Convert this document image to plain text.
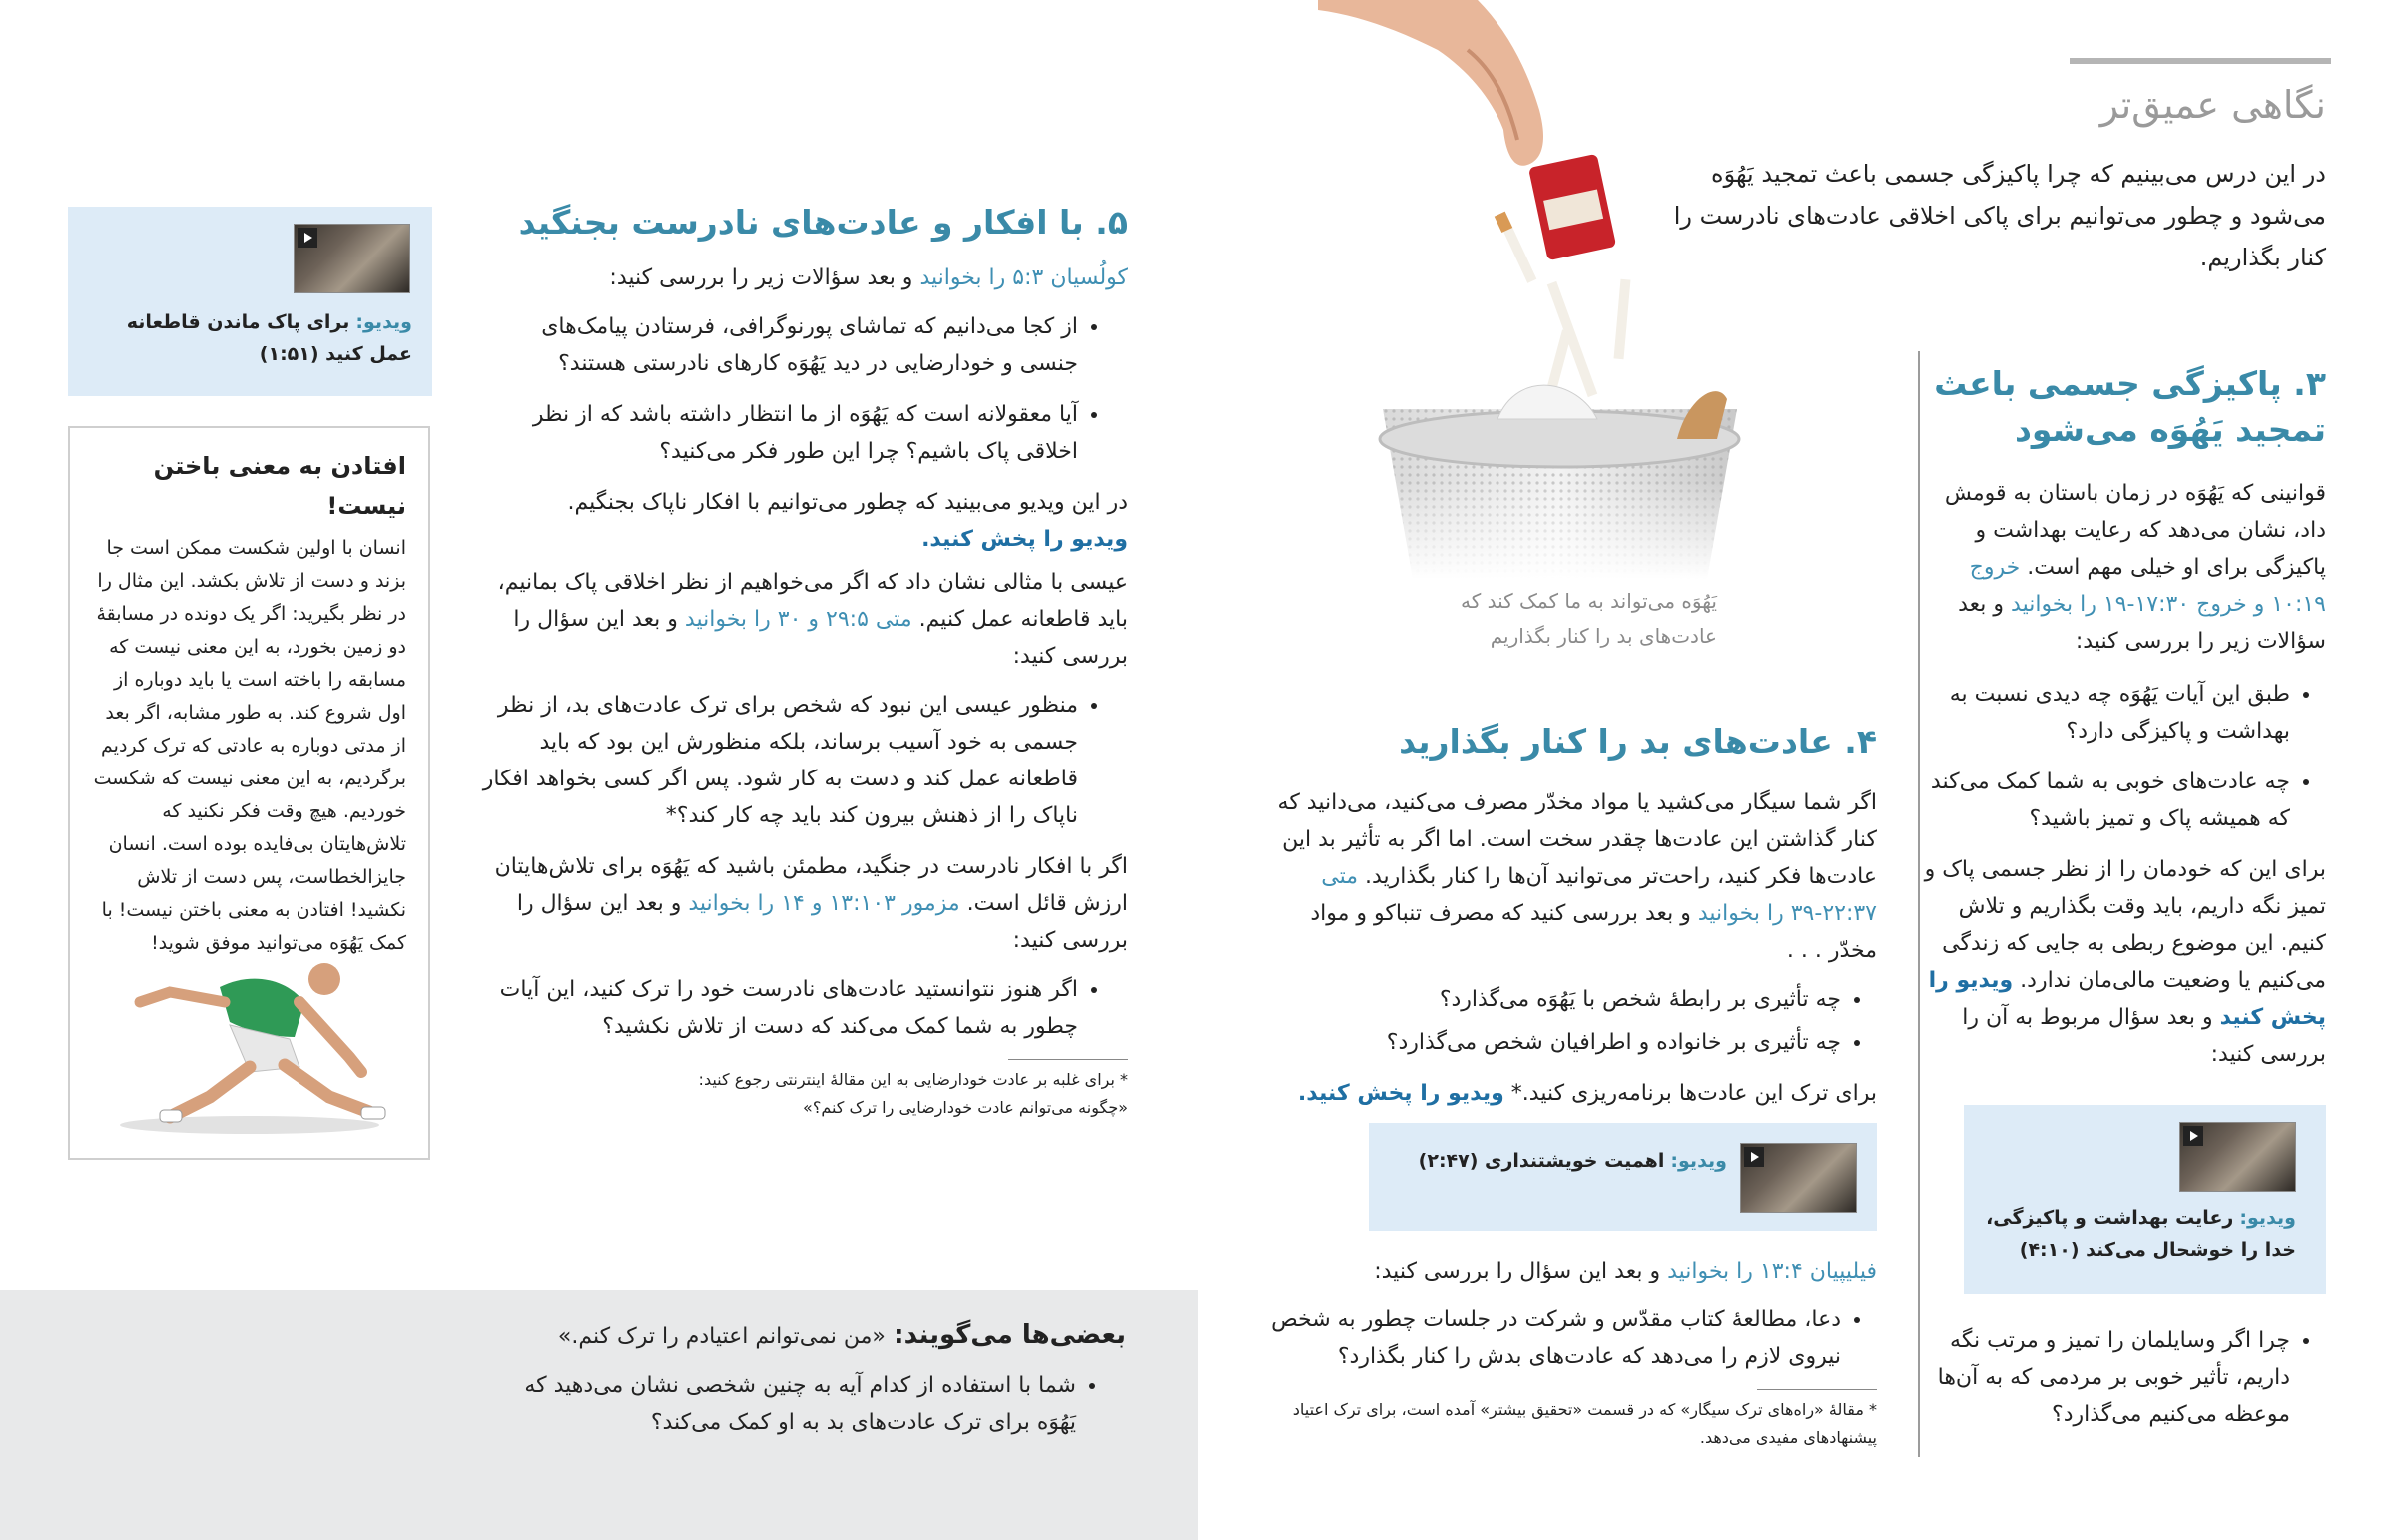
نگاهی عمیق‌تر
در این درس می‌بینیم که چرا پاکیزگی جسمی باعث تمجید یَهُوَه می‌شود و چطور می‌توانیم برای پاکی اخلاقی عادت‌های نادرست را کنار بگذاریم.
یَهُوَه می‌تواند به ما کمک کند که
عادت‌های بد را کنار بگذاریم
۳. پاکیزگی جسمی باعث تمجید یَهُوَه می‌شود

قوانینی که یَهُوَه در زمان باستان به قومش داد، نشان می‌دهد که رعایت بهداشت و پاکیزگی برای او خیلی مهم است. خروج ۱۰:۱۹ و خروج ۱۷:۳۰-۱۹ را بخوانید و بعد سؤالات زیر را بررسی کنید:

• طبق این آیات یَهُوَه چه دیدی نسبت به بهداشت و پاکیزگی دارد؟
• چه عادت‌های خوبی به شما کمک می‌کند که همیشه پاک و تمیز باشید؟

برای این که خودمان را از نظر جسمی پاک و تمیز نگه داریم، باید وقت بگذاریم و تلاش کنیم. این موضوع ربطی به جایی که زندگی می‌کنیم یا وضعیت مالی‌مان ندارد. ویدیو را پخش کنید و بعد سؤال مربوط به آن را بررسی کنید:

ویدیو: رعایت بهداشت و پاکیزگی، خدا را خوشحال می‌کند (۴:۱۰)
• چرا اگر وسایلمان را تمیز و مرتب نگه داریم، تأثیر خوبی بر مردمی که به آن‌ها موعظه می‌کنیم می‌گذارد؟
۴. عادت‌های بد را کنار بگذارید

اگر شما سیگار می‌کشید یا مواد مخدّر مصرف می‌کنید، می‌دانید که کنار گذاشتن این عادت‌ها چقدر سخت است. اما اگر به تأثیر بد این عادت‌ها فکر کنید، راحت‌تر می‌توانید آن‌ها را کنار بگذارید. متی ۲۲:۳۷-۳۹ را بخوانید و بعد بررسی کنید که مصرف تنباکو و مواد مخدّر . . .

• چه تأثیری بر رابطهٔ شخص با یَهُوَه می‌گذارد؟
• چه تأثیری بر خانواده و اطرافیان شخص می‌گذارد؟

برای ترک این عادت‌ها برنامه‌ریزی کنید.* ویدیو را پخش کنید.

ویدیو: اهمیت خویشتنداری (۲:۴۷)

فیلیپیان ۱۳:۴ را بخوانید و بعد این سؤال را بررسی کنید:

• دعا، مطالعهٔ کتاب مقدّس و شرکت در جلسات چطور به شخص نیروی لازم را می‌دهد که عادت‌های بدش را کنار بگذارد؟

* مقالهٔ «راه‌های ترک سیگار» که در قسمت «تحقیق بیشتر» آمده است، برای ترک اعتیاد پیشنهادهای مفیدی می‌دهد.

۵. با افکار و عادت‌های نادرست بجنگید

کولُسیان ۵:۳ را بخوانید و بعد سؤالات زیر را بررسی کنید:

• از کجا می‌دانیم که تماشای پورنوگرافی، فرستادن پیامک‌های جنسی و خودارضایی در دید یَهُوَه کارهای نادرستی هستند؟
• آیا معقولانه است که یَهُوَه از ما انتظار داشته باشد که از نظر اخلاقی پاک باشیم؟ چرا این طور فکر می‌کنید؟

در این ویدیو می‌بینید که چطور می‌توانیم با افکار ناپاک بجنگیم.
ویدیو را پخش کنید.

عیسی با مثالی نشان داد که اگر می‌خواهیم از نظر اخلاقی پاک بمانیم، باید قاطعانه عمل کنیم. متی ۲۹:۵ و ۳۰ را بخوانید و بعد این سؤال را بررسی کنید:

• منظور عیسی این نبود که شخص برای ترک عادت‌های بد، از نظر جسمی به خود آسیب برساند، بلکه منظورش این بود که باید قاطعانه عمل کند و دست به کار شود. پس اگر کسی بخواهد افکار ناپاک را از ذهنش بیرون کند باید چه کار کند؟*

اگر با افکار نادرست در جنگید، مطمئن باشید که یَهُوَه برای تلاش‌هایتان ارزش قائل است. مزمور ۱۳:۱۰۳ و ۱۴ را بخوانید و بعد این سؤال را بررسی کنید:

• اگر هنوز نتوانستید عادت‌های نادرست خود را ترک کنید، این آیات چطور به شما کمک می‌کند که دست از تلاش نکشید؟

* برای غلبه بر عادت خودارضایی به این مقالهٔ اینترنتی رجوع کنید:

«چگونه می‌توانم عادت خودارضایی را ترک کنم؟»

ویدیو: برای پاک ماندن قاطعانه عمل کنید (۱:۵۱)
افتادن به معنی باختن نیست!

انسان با اولین شکست ممکن است جا بزند و دست از تلاش بکشد. این مثال را در نظر بگیرید: اگر یک دونده در مسابقهٔ دو زمین بخورد، به این معنی نیست که مسابقه را باخته است یا باید دوباره از اول شروع کند. به طور مشابه، اگر بعد از مدتی دوباره به عادتی که ترک کردیم برگردیم، به این معنی نیست که شکست خوردیم. هیچ وقت فکر نکنید که تلاش‌هایتان بی‌فایده بوده است. انسان جایزالخطاست، پس دست از تلاش نکشید! افتادن به معنی باختن نیست! با کمک یَهُوَه می‌توانید موفق شوید!

بعضی‌ها می‌گویند: «من نمی‌توانم اعتیادم را ترک کنم.»

• شما با استفاده از کدام آیه به چنین شخصی نشان می‌دهید که یَهُوَه برای ترک عادت‌های بد به او کمک می‌کند؟
